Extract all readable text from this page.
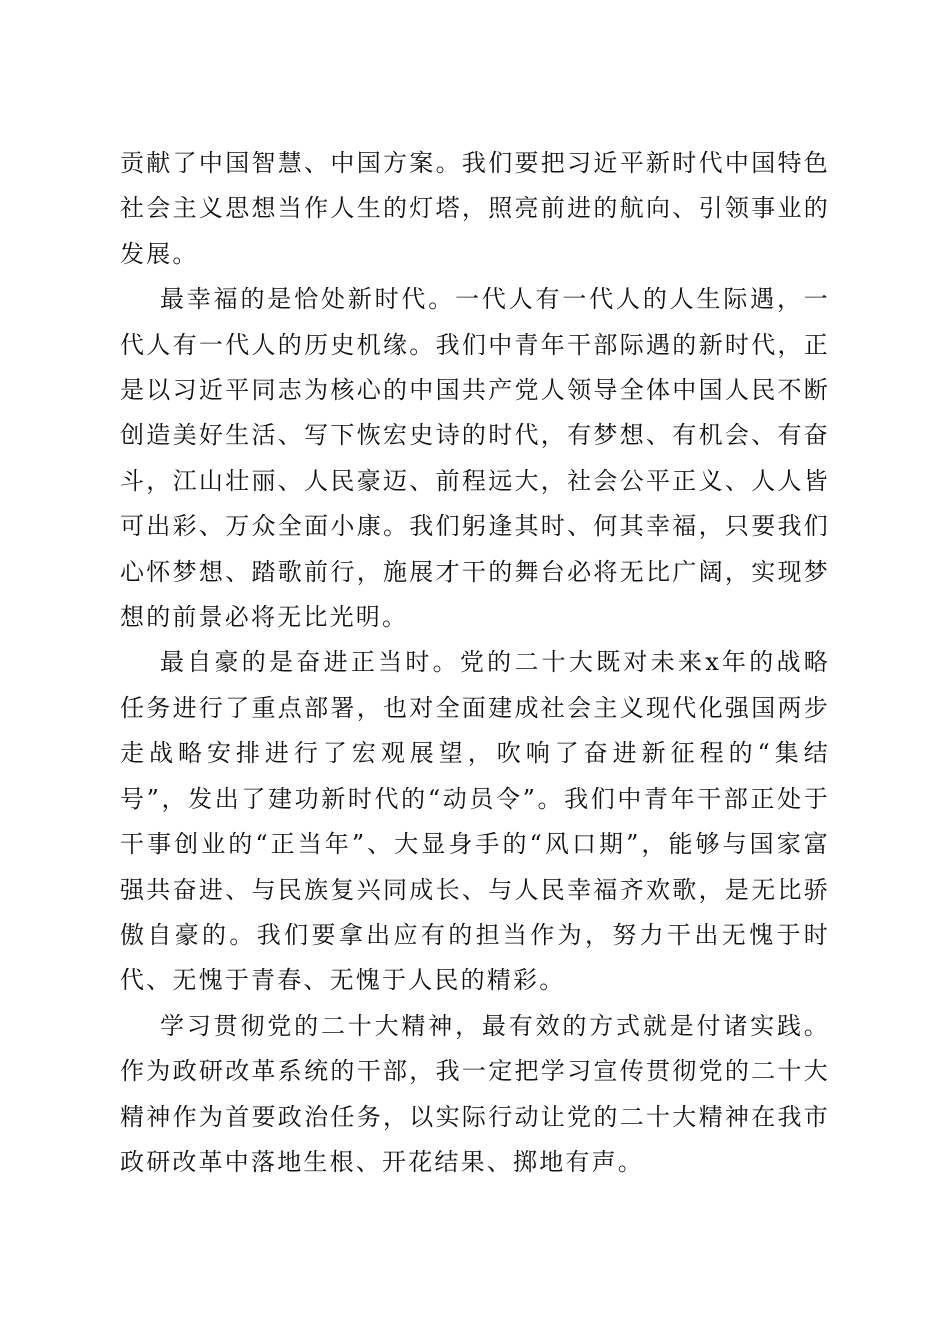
贡献了中国智慧、中国方案。我们要把习近平新时代中国特色社会主义思想当作人生的灯塔，照亮前进的航向、引领事业的发展。

最幸福的是恰处新时代。一代人有一代人的人生际遇，一代人有一代人的历史机缘。我们中青年干部际遇的新时代，正是以习近平同志为核心的中国共产党人领导全体中国人民不断创造美好生活、写下恢宏史诗的时代，有梦想、有机会、有奋斗，江山壮丽、人民豪迈、前程远大，社会公平正义、人人皆可出彩、万众全面小康。我们躬逢其时、何其幸福，只要我们心怀梦想、踏歌前行，施展才干的舞台必将无比广阔，实现梦想的前景必将无比光明。

最自豪的是奋进正当时。党的二十大既对未来x年的战略任务进行了重点部署，也对全面建成社会主义现代化强国两步走战略安排进行了宏观展望，吹响了奋进新征程的“集结号”，发出了建功新时代的“动员令”。我们中青年干部正处于干事创业的“正当年”、大显身手的“风口期”，能够与国家富强共奋进、与民族复兴同成长、与人民幸福齐欢歌，是无比骄傲自豪的。我们要拿出应有的担当作为，努力干出无愧于时代、无愧于青春、无愧于人民的精彩。

学习贯彻党的二十大精神，最有效的方式就是付诸实践。作为政研改革系统的干部，我一定把学习宣传贯彻党的二十大精神作为首要政治任务，以实际行动让党的二十大精神在我市政研改革中落地生根、开花结果、掷地有声。
